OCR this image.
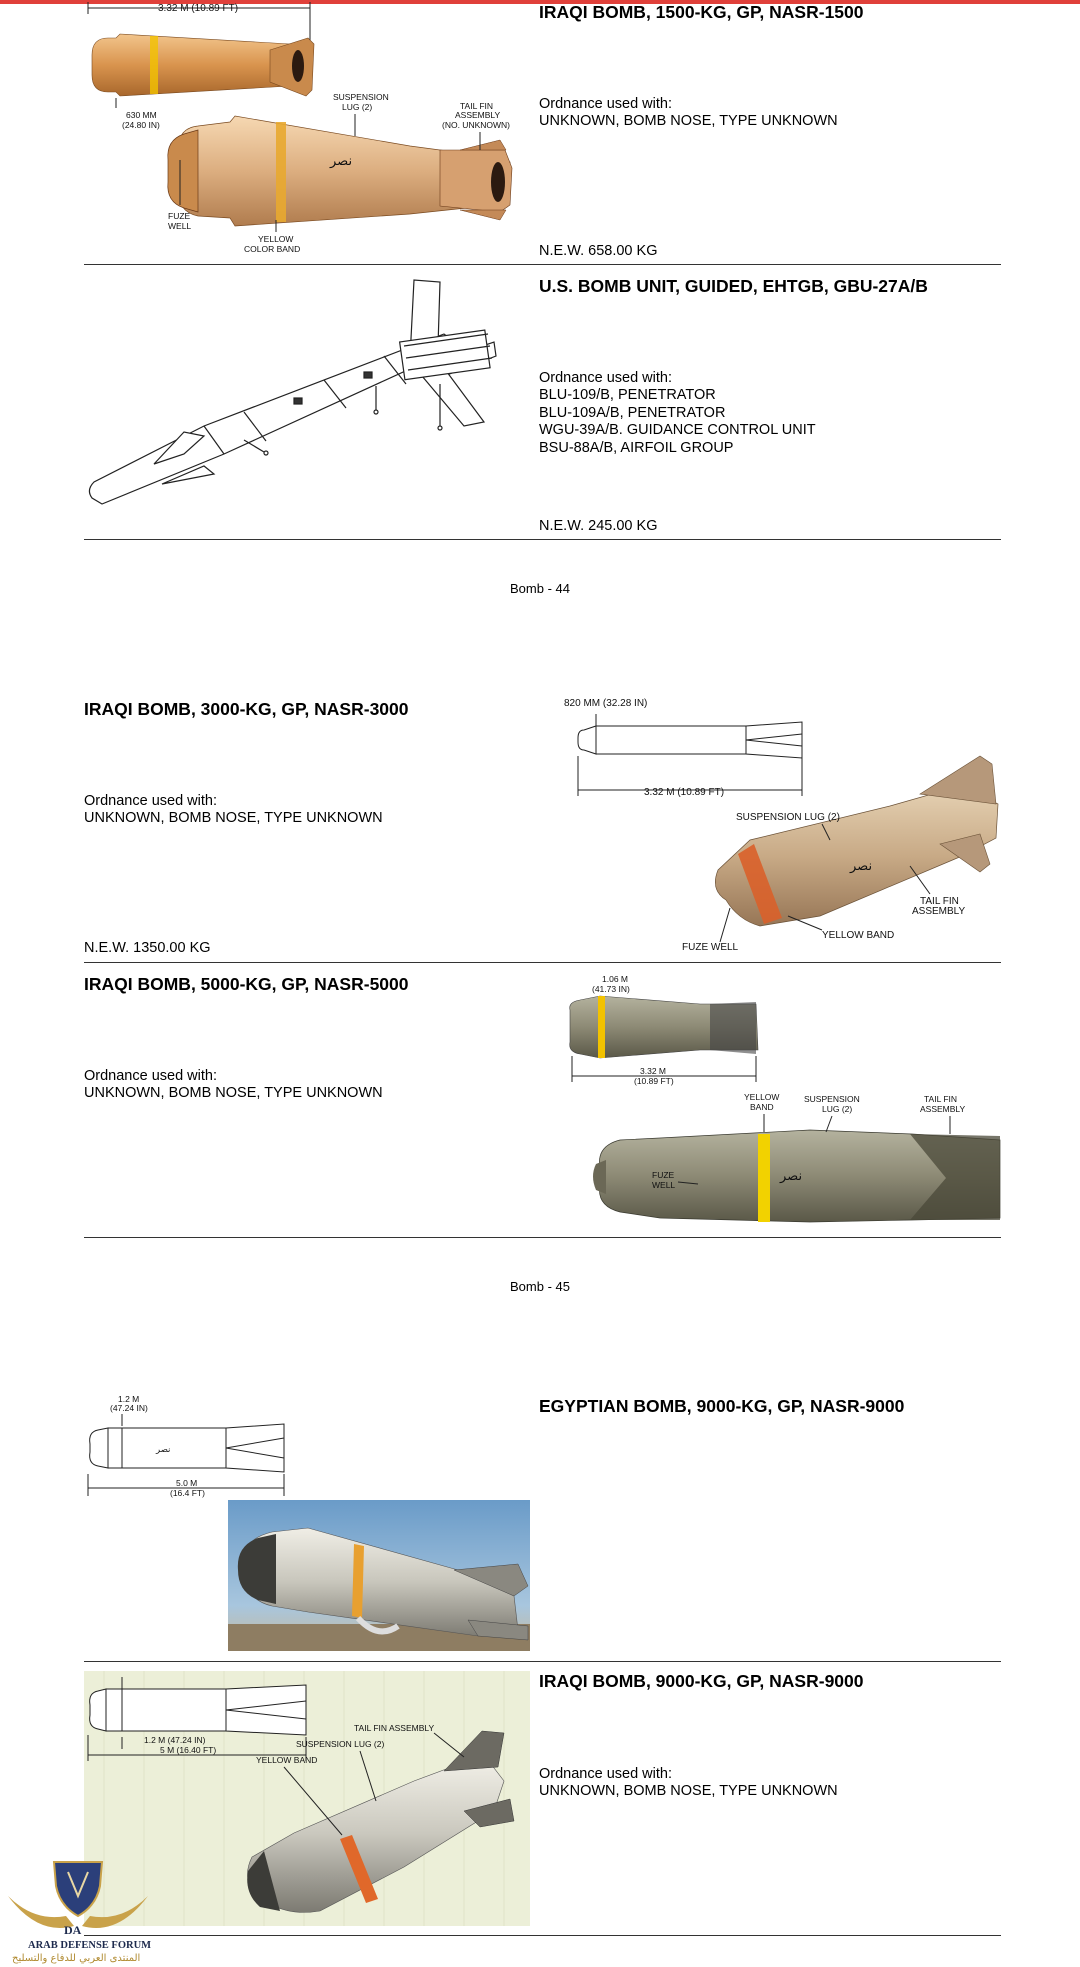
IRAQI BOMB, 1500-KG, GP, NASR-1500
Ordnance used with:
UNKNOWN, BOMB NOSE, TYPE UNKNOWN
N.E.W. 658.00 KG
3.32 M (10.89 FT)
630 MM
(24.80 IN)
ﻧﺼﺮ
SUSPENSION
LUG (2)	TAIL FIN
ASSEMBLY
(NO. UNKNOWN)
FUZE
WELL
YELLOW
COLOR BAND
U.S. BOMB UNIT, GUIDED, EHTGB, GBU-27A/B
Ordnance used with:
BLU-109/B, PENETRATOR
BLU-109A/B, PENETRATOR
WGU-39A/B. GUIDANCE CONTROL UNIT
BSU-88A/B, AIRFOIL GROUP
N.E.W. 245.00 KG
Bomb - 44
IRAQI BOMB, 3000-KG, GP, NASR-3000
Ordnance used with:
UNKNOWN, BOMB NOSE, TYPE UNKNOWN
N.E.W. 1350.00 KG
820 MM (32.28 IN)
3.32 M (10.89 FT)
ﻧﺼﺮ
SUSPENSION LUG (2)
TAIL FIN
ASSEMBLY
YELLOW BAND
FUZE WELL
IRAQI BOMB, 5000-KG, GP, NASR-5000
Ordnance used with:
UNKNOWN, BOMB NOSE, TYPE UNKNOWN
1.06 M
(41.73 IN)
3.32 M
(10.89 FT)
ﻧﺼﺮ
YELLOW
BAND
SUSPENSION
LUG (2)
TAIL FIN
ASSEMBLY
FUZE
WELL
Bomb - 45
EGYPTIAN BOMB, 9000-KG, GP, NASR-9000
1.2 M
(47.24 IN)
ﻧﺼﺮ
5.0 M
(16.4 FT)
IRAQI BOMB, 9000-KG, GP, NASR-9000
Ordnance used with:
UNKNOWN, BOMB NOSE, TYPE UNKNOWN
1.2 M (47.24 IN)
5 M (16.40 FT)
TAIL FIN ASSEMBLY
SUSPENSION LUG (2)
YELLOW BAND
DA
ARAB DEFENSE FORUM
المنتدى العربي للدفاع والتسليح
